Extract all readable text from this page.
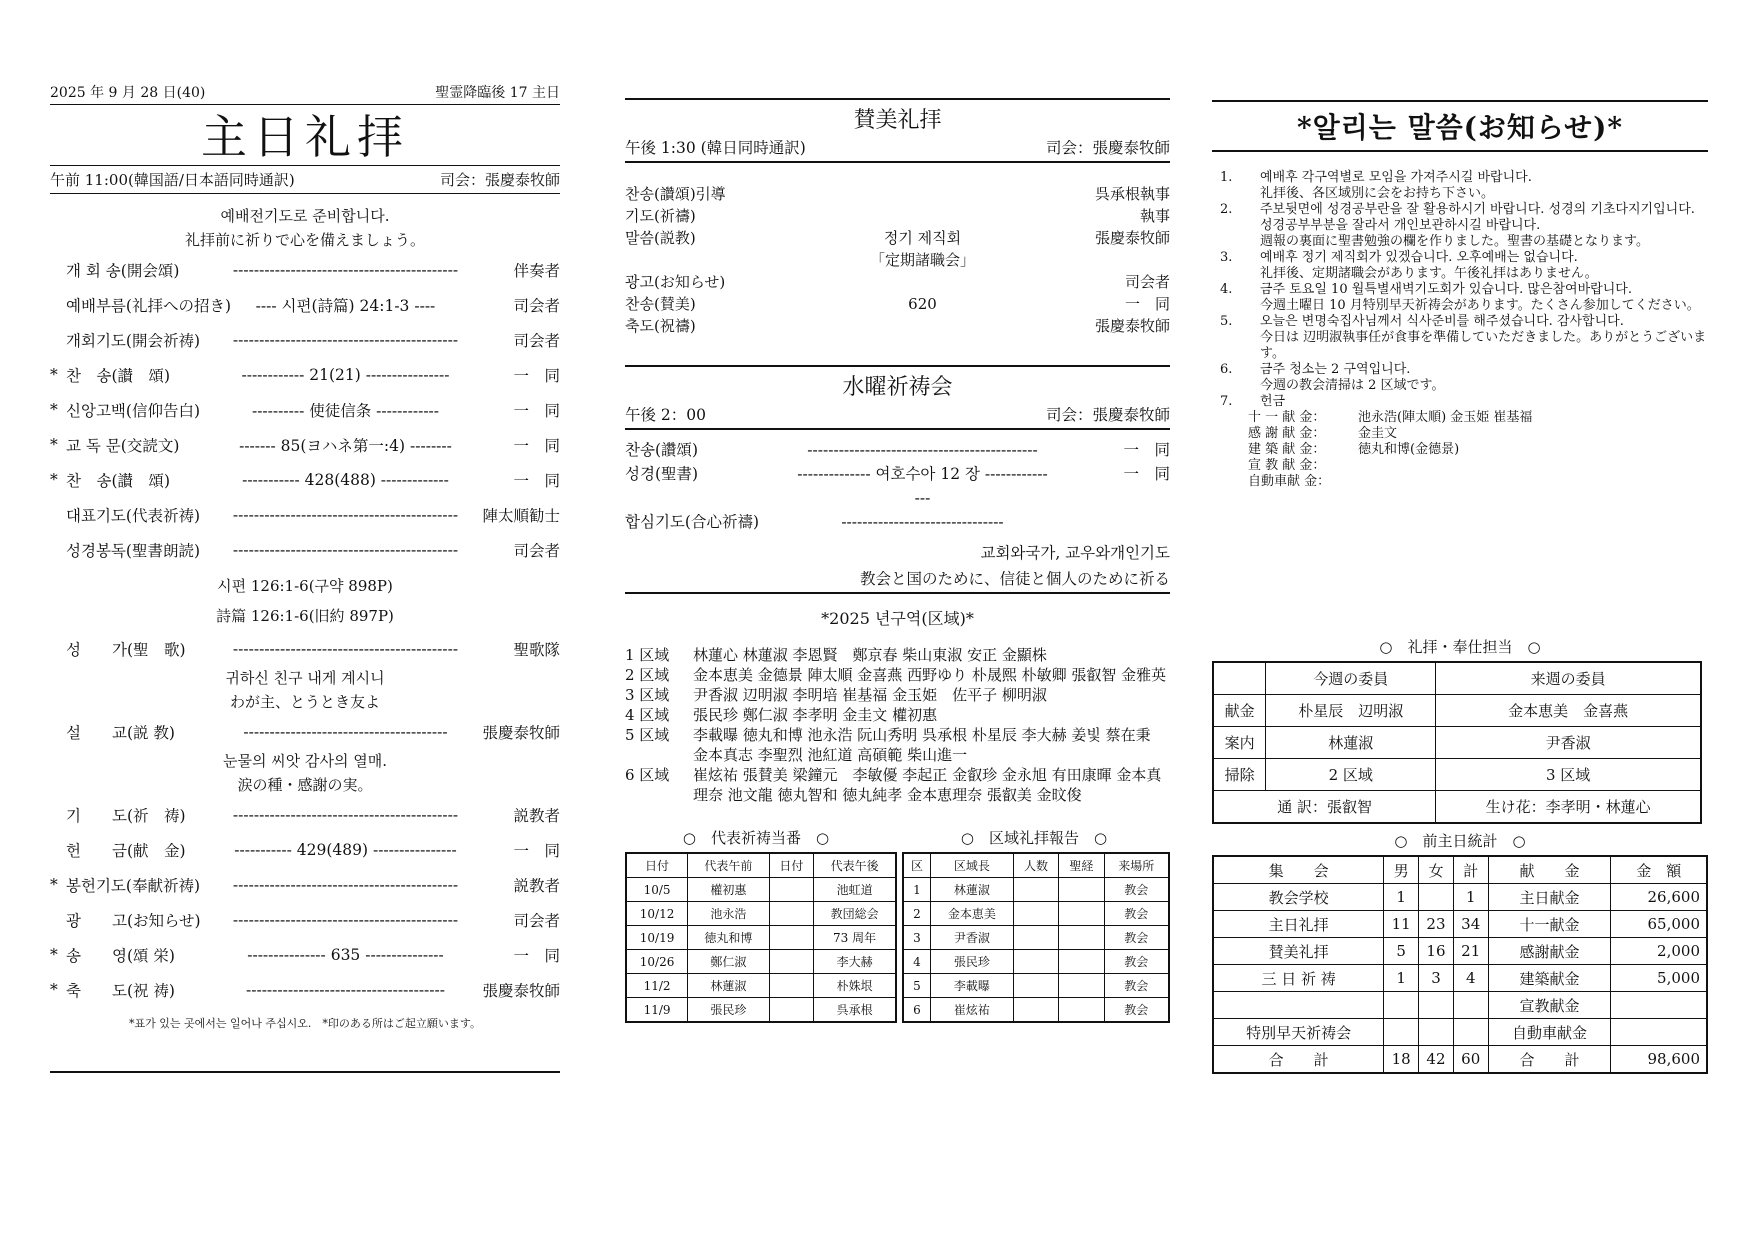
2025 年 9 月 28 日(40)	聖霊降臨後 17 主日
主日礼拝
午前 11:00(韓国語/日本語同時通訳)	司会：張慶泰牧師
예배전기도로 준비합니다.
礼拝前に祈りで心を備えましょう。
개 회 송(開会頌)	-------------------------------------------	伴奏者
예배부름(礼拝への招き)	---- 시편(詩篇) 24:1-3 ----	司会者
개회기도(開会祈祷)	-------------------------------------------	司会者
* 찬　송(讃　頌)	------------ 21(21) ----------------	一　同
* 신앙고백(信仰告白)	---------- 使徒信条 ------------	一　同
* 교 독 문(交読文)	------- 85(ヨハネ第一:4) --------	一　同
* 찬　송(讃　頌)	----------- 428(488) -------------	一　同
대표기도(代表祈祷)	-------------------------------------------	陣太順勧士
성경봉독(聖書朗読)	-------------------------------------------	司会者
시편 126:1-6(구약 898P)
詩篇 126:1-6(旧約 897P)
성　　가(聖　歌)	-------------------------------------------	聖歌隊
귀하신 친구 내게 계시니
わが主、とうとき友よ
설　　교(説 教)	---------------------------------------	張慶泰牧師
눈물의 씨앗 감사의 열매.
涙の種・感謝の実。
기　　도(祈　祷)	-------------------------------------------	説教者
헌　　금(献　金)	----------- 429(489) ----------------	一　同
* 봉헌기도(奉献祈祷)	-------------------------------------------	説教者
광　　고(お知らせ)	-------------------------------------------	司会者
* 송　　영(頌 栄)	--------------- 635 ---------------	一　同
* 축　　도(祝 祷)	--------------------------------------	張慶泰牧師
*표가 있는 곳에서는 일어나 주십시오.　*印のある所はご起立願います。
賛美礼拝
午後 1:30 (韓日同時通訳)	司会：張慶泰牧師
찬송(讚頌)引導	呉承根執事
기도(祈禱)	執事
말씀(説教)	정기 제직회	張慶泰牧師
「定期諸職会」
광고(お知らせ)	司会者
찬송(賛美)	620	一　同
축도(祝禱)	張慶泰牧師
水曜祈祷会
午後 2：00	司会：張慶泰牧師
찬송(讚頌)	--------------------------------------------	一　同
성경(聖書)	-------------- 여호수아 12 장 ---------------
一　同
합심기도(合心祈禱)	-------------------------------
교회와국가, 교우와개인기도
教会と国のために、信徒と個人のために祈る
*2025 년구역(区域)*
1 区域	林蓮心 林蓮淑 李恩賢　鄭京春 柴山東淑 安正 金顯株
2 区域	金本恵美 金德景 陣太順 金喜燕 西野ゆり 朴晟熙 朴敏卿 張叡智 金雅英
3 区域	尹香淑 辺明淑 李明培 崔基福 金玉姫　佐平子 柳明淑
4 区域	張民珍 鄭仁淑 李孝明 金圭文 權初惠
5 区域	李載曝 徳丸和博 池永浩 阮山秀明 呉承根 朴星辰 李大赫 姜빛 蔡在秉 金本真志 李聖烈 池紅道 高碩範 柴山進一
6 区域	崔炫祐 張賛美 梁鐘元　李敏優 李起正 金叡珍 金永旭 有田康暉 金本真理奈 池文龍 徳丸智和 徳丸純孝 金本恵理奈 張叡美 金旼俊
○　代表祈祷当番　○	○　区域礼拝報告　○
日付	代表午前	日付	代表午後
10/5	權初惠		池虹道
10/12	池永浩		教団総会
10/19	徳丸和博		73 周年
10/26	鄭仁淑		李大赫
11/2	林蓮淑		朴姝垠
11/9	張民珍		呉承根
区	区域長	人数	聖経	来場所
1	林蓮淑			教会
2	金本恵美			教会
3	尹香淑			教会
4	張民珍			教会
5	李載曝			教会
6	崔炫祐			教会
*알리는 말씀(お知らせ)*
1.	예배후 각구역별로 모임을 가져주시길 바랍니다.
礼拝後、各区域別に会をお持ち下さい。
2.	주보뒷면에 성경공부란을 잘 활용하시기 바랍니다. 성경의 기초다지기입니다. 성경공부부분을 잘라서 개인보관하시길 바랍니다.
週報の裏面に聖書勉強の欄を作りました。聖書の基礎となります。
3.	예배후 정기 제직회가 있겠습니다. 오후예배는 없습니다.
礼拝後、定期諸職会があります。午後礼拝はありません。
4.	금주 토요일 10 월특별새벽기도회가 있습니다. 많은참여바랍니다.
今週土曜日 10 月特別早天祈祷会があります。たくさん参加してください。
5.	오늘은 변명숙집사님께서 식사준비를 해주셨습니다. 감사합니다.
今日は 辺明淑執事任が食事を準備していただきました。ありがとうございます。
6.	금주 청소는 2 구역입니다.
今週の教会清掃は 2 区域です。
7.	헌금
十 一 献 金：	池永浩(陣太順) 金玉姫 崔基福
感 謝 献 金：	金圭文
建 築 献 金：	徳丸和博(金德景)
宣 教 献 金：
自動車献 金：
○　礼拝・奉仕担当　○
	今週の委員	来週の委員
献金	朴星辰　辺明淑	金本恵美　金喜燕
案内	林蓮淑	尹香淑
掃除	2 区域	3 区域
通 訳：張叡智		生け花：李孝明・林蓮心
○　前主日統計　○
集　　会	男	女	計	献　　金	金　額
教会学校	1		1	主日献金	26,600
主日礼拝	11	23	34	十一献金	65,000
賛美礼拝	5	16	21	感謝献金	2,000
三 日 祈 祷	1	3	4	建築献金	5,000
				宣教献金	
特別早天祈祷会				自動車献金	
合　　計	18	42	60	合　　計	98,600
